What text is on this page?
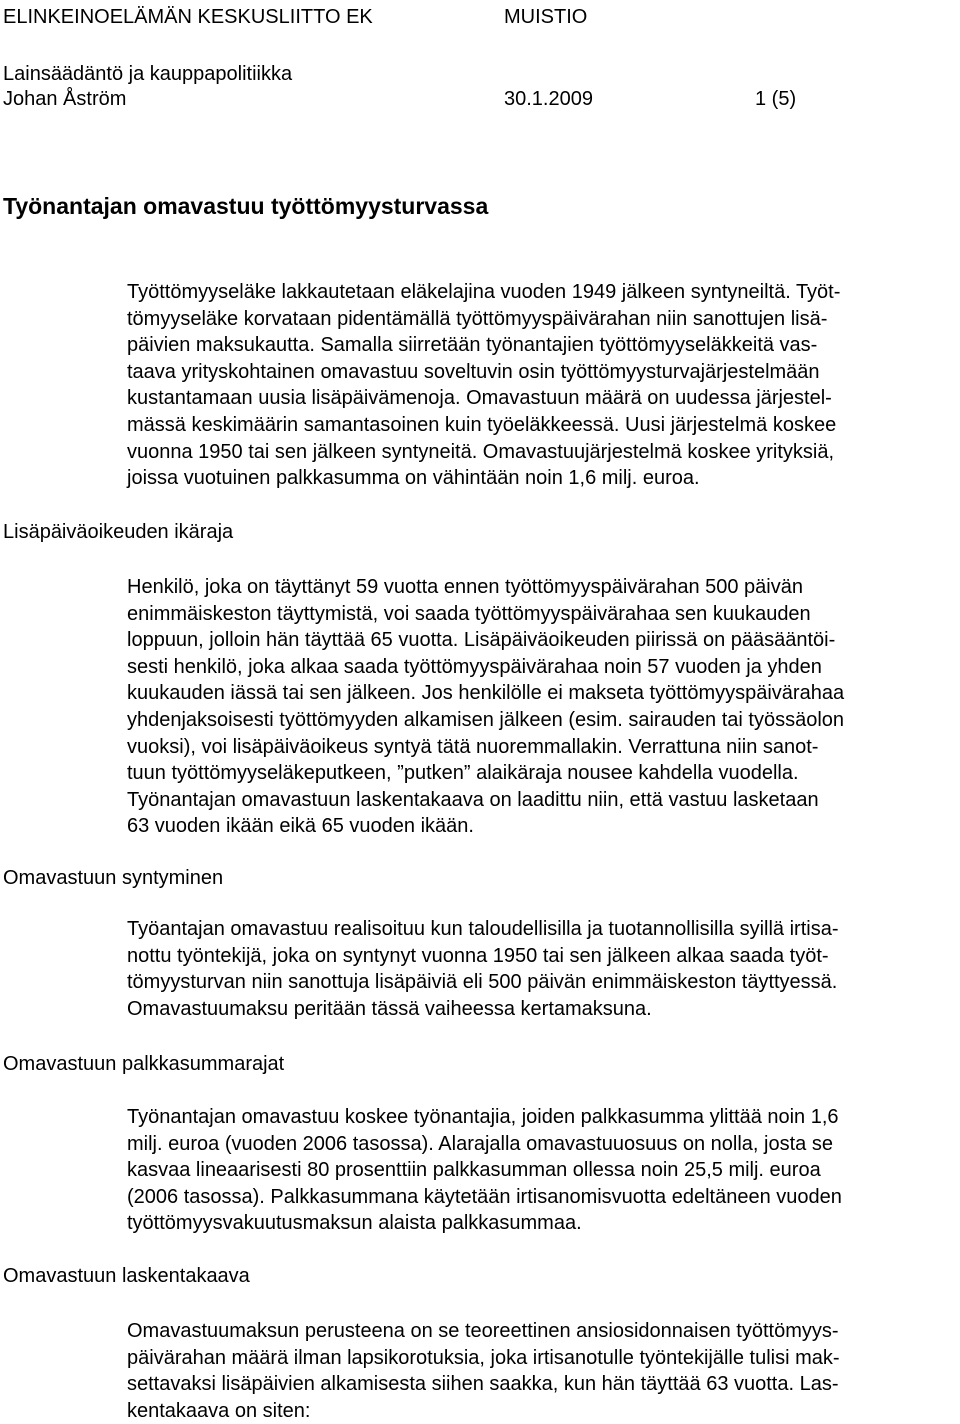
ELINKEINOELÄMÄN KESKUSLIITTO EK	MUISTIO
Lainsäädäntö ja kauppapolitiikka
Johan Åström	30.1.2009	1 (5)
Työnantajan omavastuu työttömyysturvassa
Työttömyyseläke lakkautetaan eläkelajina vuoden 1949 jälkeen syntyneiltä. Työt-
tömyyseläke korvataan pidentämällä työttömyyspäivärahan niin sanottujen lisä-
päivien maksukautta. Samalla siirretään työnantajien työttömyyseläkkeitä vas-
taava yrityskohtainen omavastuu soveltuvin osin työttömyysturvajärjestelmään
kustantamaan uusia lisäpäivämenoja. Omavastuun määrä on uudessa järjestel-
mässä keskimäärin samantasoinen kuin työeläkkeessä. Uusi järjestelmä koskee
vuonna 1950 tai sen jälkeen syntyneitä. Omavastuujärjestelmä koskee yrityksiä,
joissa vuotuinen palkkasumma on vähintään noin 1,6 milj. euroa.
Lisäpäiväoikeuden ikäraja
Henkilö, joka on täyttänyt 59 vuotta ennen työttömyyspäivärahan 500 päivän
enimmäiskeston täyttymistä, voi saada työttömyyspäivärahaa sen kuukauden
loppuun, jolloin hän täyttää 65 vuotta. Lisäpäiväoikeuden piirissä on pääsääntöi-
sesti henkilö, joka alkaa saada työttömyyspäivärahaa noin 57 vuoden ja yhden
kuukauden iässä tai sen jälkeen. Jos henkilölle ei makseta työttömyyspäivärahaa
yhdenjaksoisesti työttömyyden alkamisen jälkeen (esim. sairauden tai työssäolon
vuoksi), voi lisäpäiväoikeus syntyä tätä nuoremmallakin. Verrattuna niin sanot-
tuun työttömyyseläkeputkeen, ”putken” alaikäraja nousee kahdella vuodella.
Työnantajan omavastuun laskentakaava on laadittu niin, että vastuu lasketaan
63 vuoden ikään eikä 65 vuoden ikään.
Omavastuun syntyminen
Työantajan omavastuu realisoituu kun taloudellisilla ja tuotannollisilla syillä irtisa-
nottu työntekijä, joka on syntynyt vuonna 1950 tai sen jälkeen alkaa saada työt-
tömyysturvan niin sanottuja lisäpäiviä eli 500 päivän enimmäiskeston täyttyessä.
Omavastuumaksu peritään tässä vaiheessa kertamaksuna.
Omavastuun palkkasummarajat
Työnantajan omavastuu koskee työnantajia, joiden palkkasumma ylittää noin 1,6
milj. euroa (vuoden 2006 tasossa). Alarajalla omavastuuosuus on nolla, josta se
kasvaa lineaarisesti 80 prosenttiin palkkasumman ollessa noin 25,5 milj. euroa
(2006 tasossa). Palkkasummana käytetään irtisanomisvuotta edeltäneen vuoden
työttömyysvakuutusmaksun alaista palkkasummaa.
Omavastuun laskentakaava
Omavastuumaksun perusteena on se teoreettinen ansiosidonnaisen työttömyys-
päivärahan määrä ilman lapsikorotuksia, joka irtisanotulle työntekijälle tulisi mak-
settavaksi lisäpäivien alkamisesta siihen saakka, kun hän täyttää 63 vuotta. Las-
kentakaava on siten:
